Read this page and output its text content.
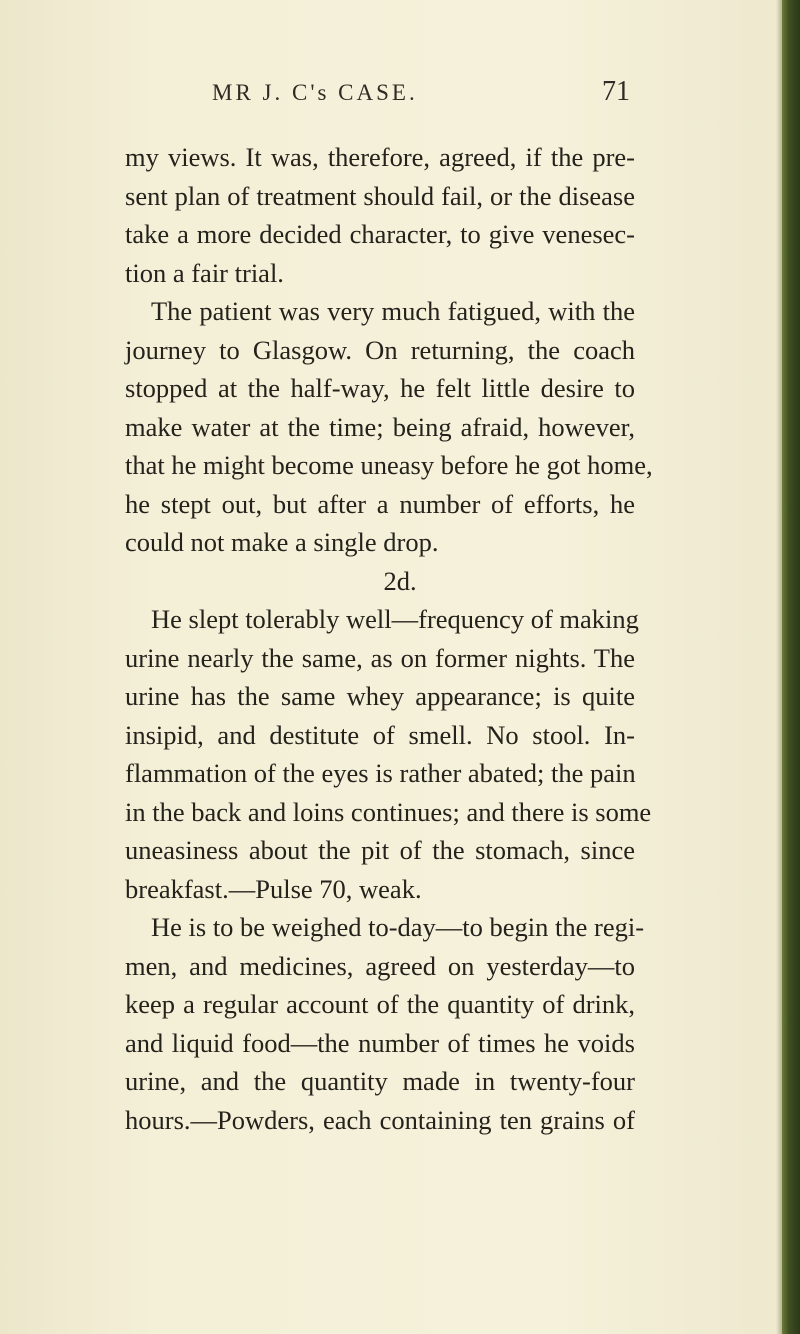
MR J. C's CASE.	71
my views. It was, therefore, agreed, if the pre-
sent plan of treatment should fail, or the disease
take a more decided character, to give venesec-
tion a fair trial.
The patient was very much fatigued, with the
journey to Glasgow. On returning, the coach
stopped at the half-way, he felt little desire to
make water at the time; being afraid, however,
that he might become uneasy before he got home,
he stept out, but after a number of efforts, he
could not make a single drop.
2d.
He slept tolerably well—frequency of making
urine nearly the same, as on former nights. The
urine has the same whey appearance; is quite
insipid, and destitute of smell. No stool. In-
flammation of the eyes is rather abated; the pain
in the back and loins continues; and there is some
uneasiness about the pit of the stomach, since
breakfast.—Pulse 70, weak.
He is to be weighed to-day—to begin the regi-
men, and medicines, agreed on yesterday—to
keep a regular account of the quantity of drink,
and liquid food—the number of times he voids
urine, and the quantity made in twenty-four
hours.—Powders, each containing ten grains of
